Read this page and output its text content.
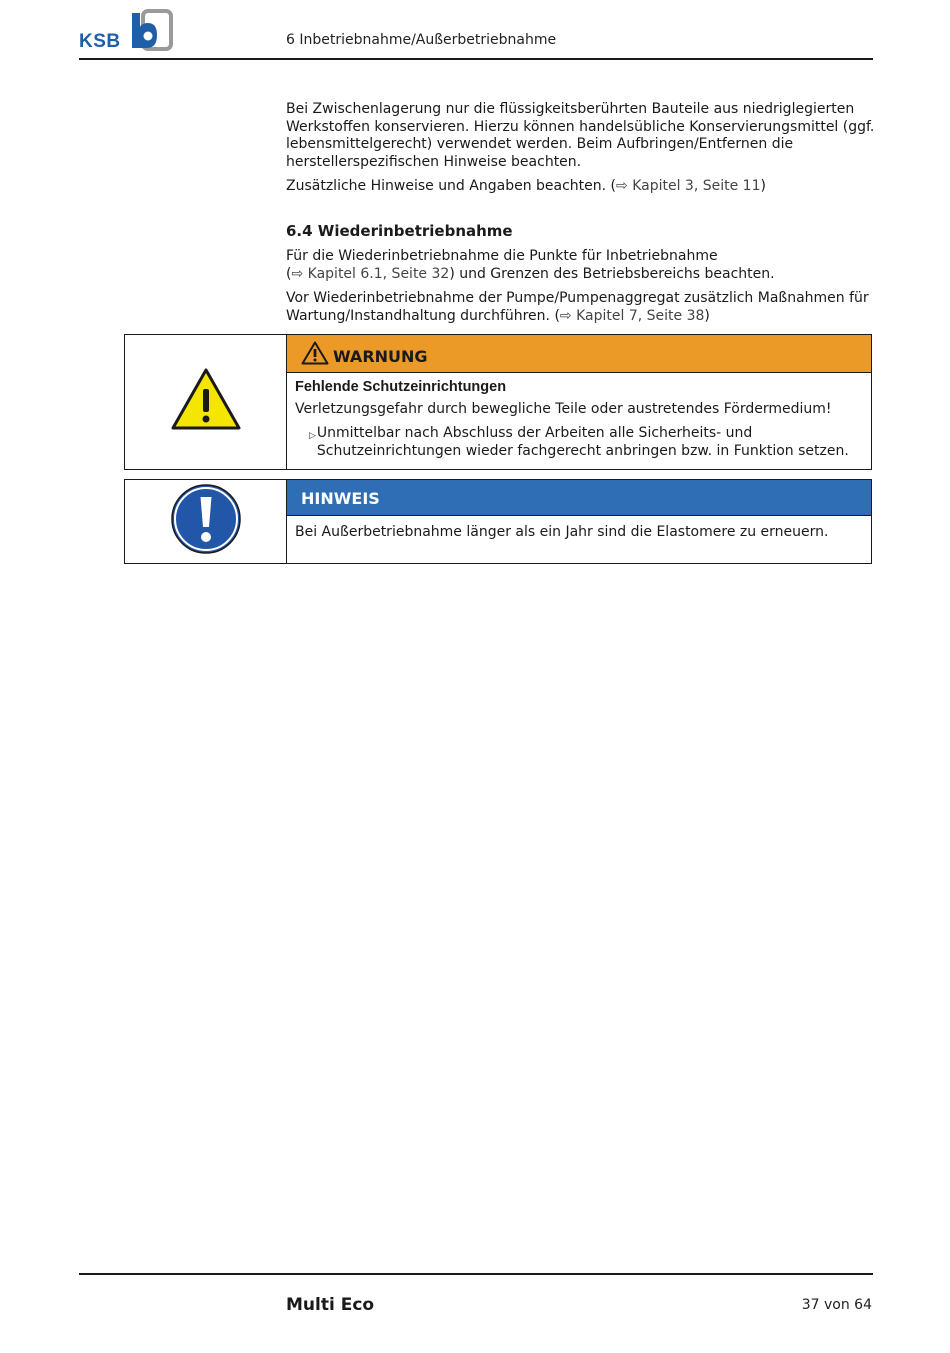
KSB	6 Inbetriebnahme/Außerbetriebnahme

Bei Zwischenlagerung nur die flüssigkeitsberührten Bauteile aus niedriglegierten Werkstoffen konservieren. Hierzu können handelsübliche Konservierungsmittel (ggf. lebensmittelgerecht) verwendet werden. Beim Aufbringen/Entfernen die herstellerspezifischen Hinweise beachten.

Zusätzliche Hinweise und Angaben beachten. (⇨ Kapitel 3, Seite 11)

6.4 Wiederinbetriebnahme

Für die Wiederinbetriebnahme die Punkte für Inbetriebnahme
(⇨ Kapitel 6.1, Seite 32) und Grenzen des Betriebsbereichs beachten.

Vor Wiederinbetriebnahme der Pumpe/Pumpenaggregat zusätzlich Maßnahmen für Wartung/Instandhaltung durchführen. (⇨ Kapitel 7, Seite 38)

WARNUNG
Fehlende Schutzeinrichtungen
Verletzungsgefahr durch bewegliche Teile oder austretendes Fördermedium!
▷ Unmittelbar nach Abschluss der Arbeiten alle Sicherheits- und Schutzeinrichtungen wieder fachgerecht anbringen bzw. in Funktion setzen.
HINWEIS
Bei Außerbetriebnahme länger als ein Jahr sind die Elastomere zu erneuern.
Multi Eco	37 von 64
